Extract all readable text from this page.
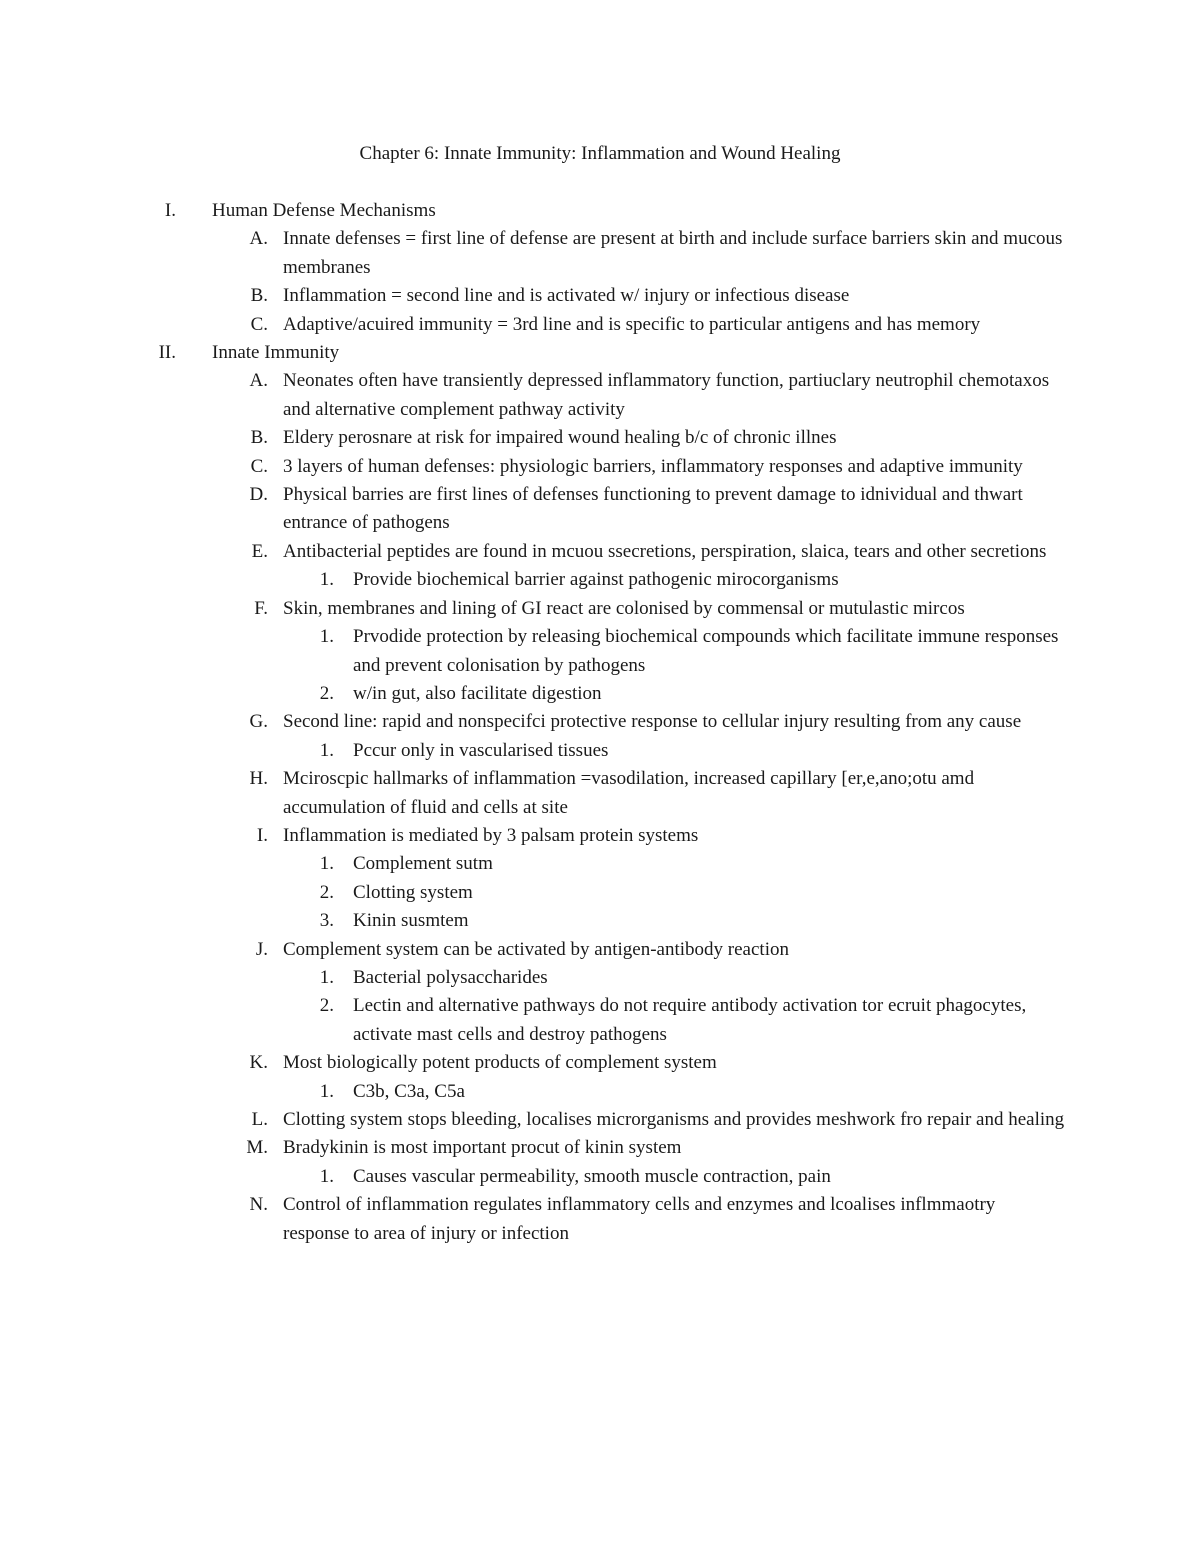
Chapter 6: Innate Immunity: Inflammation and Wound Healing
I. Human Defense Mechanisms
A. Innate defenses = first line of defense are present at birth and include surface barriers skin and mucous membranes
B. Inflammation = second line and is activated w/ injury or infectious disease
C. Adaptive/acuired immunity = 3rd line and is specific to particular antigens and has memory
II. Innate Immunity
A. Neonates often have transiently depressed inflammatory function, partiuclary neutrophil chemotaxos and alternative complement pathway activity
B. Eldery perosnare at risk for impaired wound healing b/c of chronic illnes
C. 3 layers of human defenses: physiologic barriers, inflammatory responses and adaptive immunity
D. Physical barries are first lines of defenses functioning to prevent damage to idnividual and thwart entrance of pathogens
E. Antibacterial peptides are found in mcuou ssecretions, perspiration, slaica, tears and other secretions
1. Provide biochemical barrier against pathogenic mirocorganisms
F. Skin, membranes and lining of GI react are colonised by commensal or mutulastic mircos
1. Prvodide protection by releasing biochemical compounds which facilitate immune responses and prevent colonisation by pathogens
2. w/in gut, also facilitate digestion
G. Second line: rapid and nonspecifci protective response to cellular injury resulting from any cause
1. Pccur only in vascularised tissues
H. Mciroscpic hallmarks of inflammation =vasodilation, increased capillary [er,e,ano;otu amd accumulation of fluid and cells at site
I. Inflammation is mediated by 3 palsam protein systems
1. Complement sutm
2. Clotting system
3. Kinin susmtem
J. Complement system can be activated by antigen-antibody reaction
1. Bacterial polysaccharides
2. Lectin and alternative pathways do not require antibody activation tor ecruit phagocytes, activate mast cells and destroy pathogens
K. Most biologically potent products of complement system
1. C3b, C3a, C5a
L. Clotting system stops bleeding, localises microrganisms and provides meshwork fro repair and healing
M. Bradykinin is most important procut of kinin system
1. Causes vascular permeability, smooth muscle contraction, pain
N. Control of inflammation regulates inflammatory cells and enzymes and lcoalises inflmmaotry response to area of injury or infection
